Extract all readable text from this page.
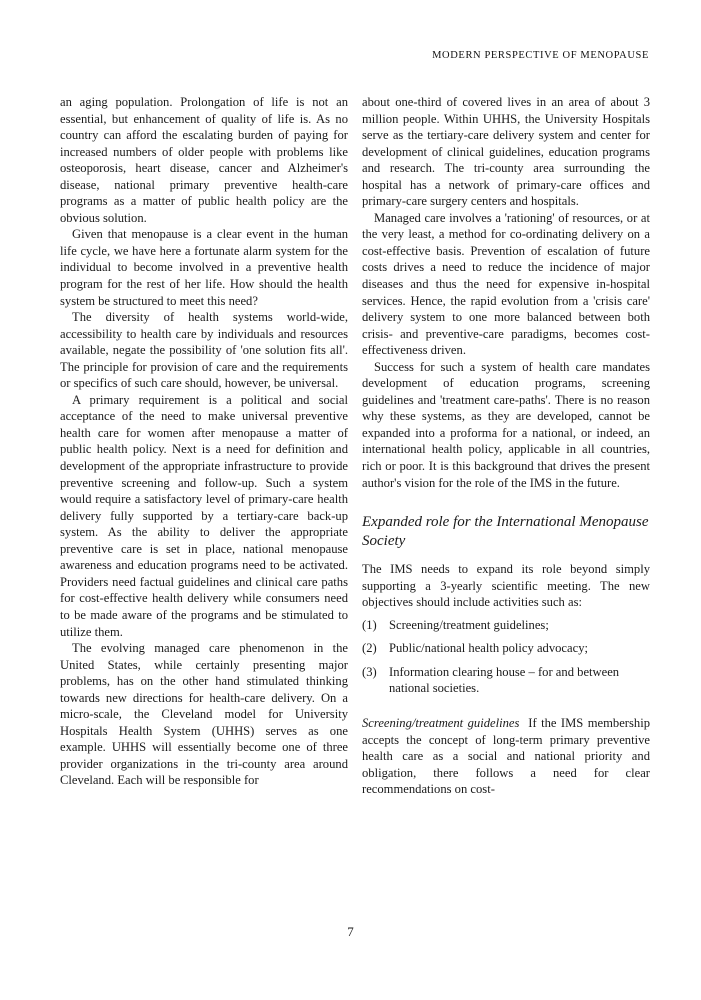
MODERN PERSPECTIVE OF MENOPAUSE

an aging population. Prolongation of life is not an essential, but enhancement of quality of life is. As no country can afford the escalating burden of paying for increased numbers of older people with problems like osteoporosis, heart disease, cancer and Alzheimer's disease, national primary preventive health-care programs as a matter of public health policy are the obvious solution.

Given that menopause is a clear event in the human life cycle, we have here a fortunate alarm system for the individual to become involved in a preventive health program for the rest of her life. How should the health system be structured to meet this need?

The diversity of health systems world-wide, accessibility to health care by individuals and resources available, negate the possibility of 'one solution fits all'. The principle for provision of care and the requirements or specifics of such care should, however, be universal.

A primary requirement is a political and social acceptance of the need to make universal preventive health care for women after menopause a matter of public health policy. Next is a need for definition and development of the appropriate infrastructure to provide preventive screening and follow-up. Such a system would require a satisfactory level of primary-care health delivery fully supported by a tertiary-care back-up system. As the ability to deliver the appropriate preventive care is set in place, national menopause awareness and education programs need to be activated. Providers need factual guidelines and clinical care paths for cost-effective health delivery while consumers need to be made aware of the programs and be stimulated to utilize them.

The evolving managed care phenomenon in the United States, while certainly presenting major problems, has on the other hand stimulated thinking towards new directions for health-care delivery. On a micro-scale, the Cleveland model for University Hospitals Health System (UHHS) serves as one example. UHHS will essentially become one of three provider organizations in the tri-county area around Cleveland. Each will be responsible for

about one-third of covered lives in an area of about 3 million people. Within UHHS, the University Hospitals serve as the tertiary-care delivery system and center for development of clinical guidelines, education programs and research. The tri-county area surrounding the hospital has a network of primary-care offices and primary-care surgery centers and hospitals.

Managed care involves a 'rationing' of resources, or at the very least, a method for co-ordinating delivery on a cost-effective basis. Prevention of escalation of future costs drives a need to reduce the incidence of major diseases and thus the need for expensive in-hospital services. Hence, the rapid evolution from a 'crisis care' delivery system to one more balanced between both crisis- and preventive-care paradigms, becomes cost-effectiveness driven.

Success for such a system of health care mandates development of education programs, screening guidelines and 'treatment care-paths'. There is no reason why these systems, as they are developed, cannot be expanded into a proforma for a national, or indeed, an international health policy, applicable in all countries, rich or poor. It is this background that drives the present author's vision for the role of the IMS in the future.

Expanded role for the International Menopause Society

The IMS needs to expand its role beyond simply supporting a 3-yearly scientific meeting. The new objectives should include activities such as:

(1) Screening/treatment guidelines;
(2) Public/national health policy advocacy;
(3) Information clearing house – for and between national societies.

Screening/treatment guidelines If the IMS membership accepts the concept of long-term primary preventive health care as a social and national priority and obligation, there follows a need for clear recommendations on cost-

7
